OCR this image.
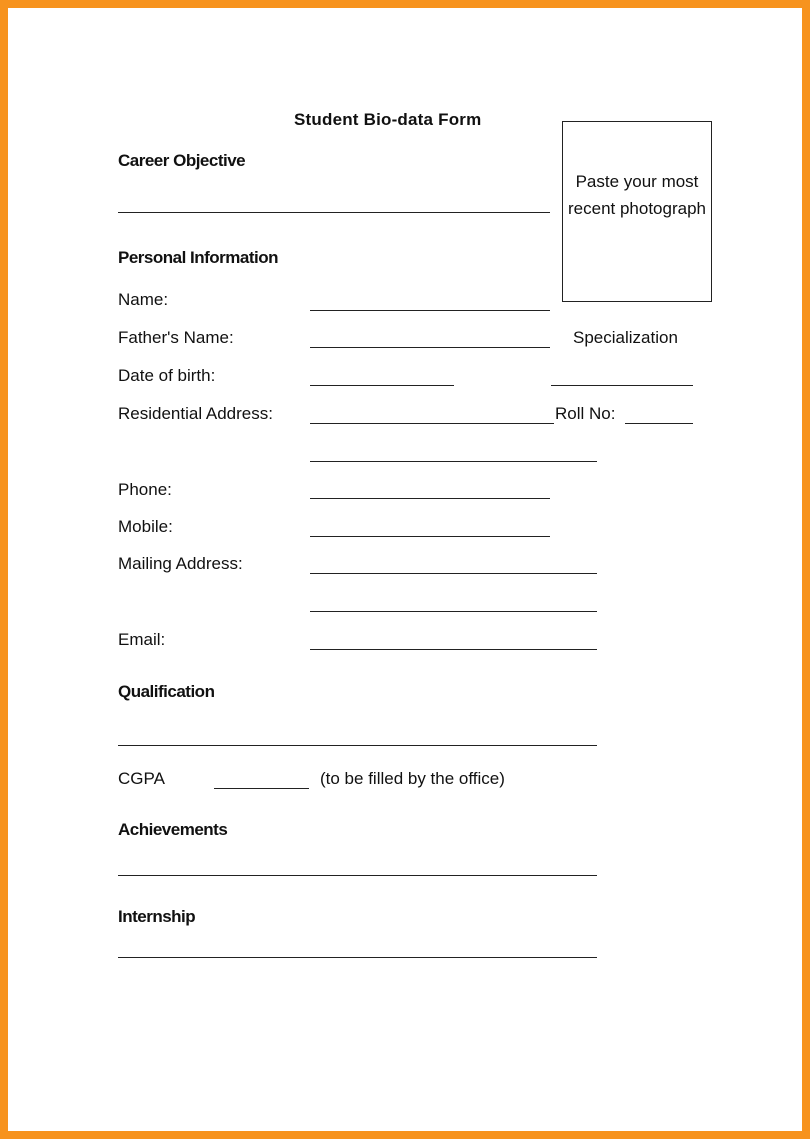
Student Bio-data Form
Paste your most recent photograph
Career Objective
Personal Information
Name:
Father's Name:	Specialization
Date of birth:
Residential Address:	Roll No:
Phone:
Mobile:
Mailing Address:
Email:
Qualification
CGPA	(to be filled by the office)
Achievements
Internship
